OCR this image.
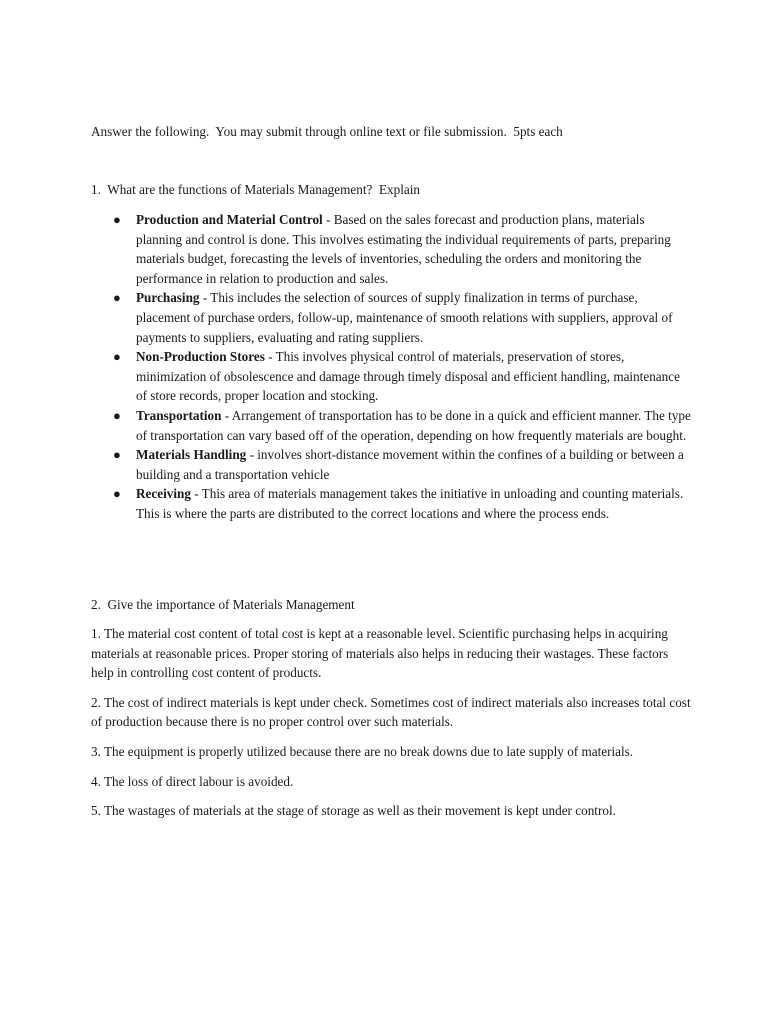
Answer the following.  You may submit through online text or file submission.  5pts each
1.  What are the functions of Materials Management?  Explain
● Production and Material Control - Based on the sales forecast and production plans, materials planning and control is done. This involves estimating the individual requirements of parts, preparing materials budget, forecasting the levels of inventories, scheduling the orders and monitoring the performance in relation to production and sales.
● Purchasing - This includes the selection of sources of supply finalization in terms of purchase, placement of purchase orders, follow-up, maintenance of smooth relations with suppliers, approval of payments to suppliers, evaluating and rating suppliers.
● Non-Production Stores - This involves physical control of materials, preservation of stores, minimization of obsolescence and damage through timely disposal and efficient handling, maintenance of store records, proper location and stocking.
● Transportation - Arrangement of transportation has to be done in a quick and efficient manner. The type of transportation can vary based off of the operation, depending on how frequently materials are bought.
● Materials Handling - involves short-distance movement within the confines of a building or between a building and a transportation vehicle
● Receiving - This area of materials management takes the initiative in unloading and counting materials. This is where the parts are distributed to the correct locations and where the process ends.
2.  Give the importance of Materials Management

1. The material cost content of total cost is kept at a reasonable level. Scientific purchasing helps in acquiring materials at reasonable prices. Proper storing of materials also helps in reducing their wastages. These factors help in controlling cost content of products.

2. The cost of indirect materials is kept under check. Sometimes cost of indirect materials also increases total cost of production because there is no proper control over such materials.

3. The equipment is properly utilized because there are no break downs due to late supply of materials.

4. The loss of direct labour is avoided.

5. The wastages of materials at the stage of storage as well as their movement is kept under control.
